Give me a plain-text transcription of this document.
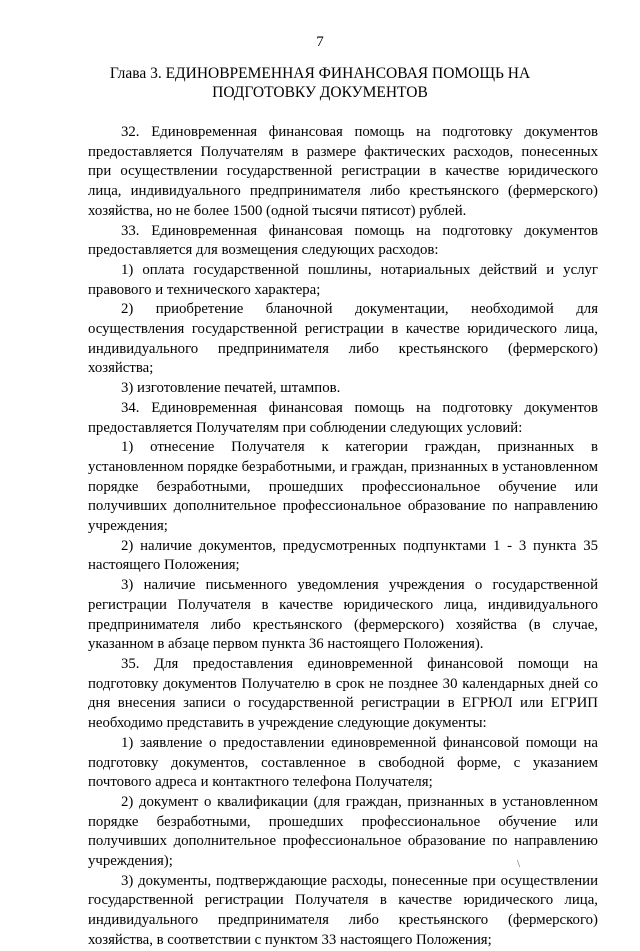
7
Глава 3. ЕДИНОВРЕМЕННАЯ ФИНАНСОВАЯ ПОМОЩЬ НА
ПОДГОТОВКУ ДОКУМЕНТОВ

32. Единовременная финансовая помощь на подготовку документов предоставляется Получателям в размере фактических расходов, понесенных при осуществлении государственной регистрации в качестве юридического лица, индивидуального предпринимателя либо крестьянского (фермерского) хозяйства, но не более 1500 (одной тысячи пятисот) рублей.

33. Единовременная финансовая помощь на подготовку документов предоставляется для возмещения следующих расходов:

1) оплата государственной пошлины, нотариальных действий и услуг правового и технического характера;

2) приобретение бланочной документации, необходимой для осуществления государственной регистрации в качестве юридического лица, индивидуального предпринимателя либо крестьянского (фермерского) хозяйства;

3) изготовление печатей, штампов.

34. Единовременная финансовая помощь на подготовку документов предоставляется Получателям при соблюдении следующих условий:

1) отнесение Получателя к категории граждан, признанных в установленном порядке безработными, и граждан, признанных в установленном порядке безработными, прошедших профессиональное обучение или получивших дополнительное профессиональное образование по направлению учреждения;

2) наличие документов, предусмотренных подпунктами 1 - 3 пункта 35 настоящего Положения;

3) наличие письменного уведомления учреждения о государственной регистрации Получателя в качестве юридического лица, индивидуального предпринимателя либо крестьянского (фермерского) хозяйства (в случае, указанном в абзаце первом пункта 36 настоящего Положения).

35. Для предоставления единовременной финансовой помощи на подготовку документов Получателю в срок не позднее 30 календарных дней со дня внесения записи о государственной регистрации в ЕГРЮЛ или ЕГРИП необходимо представить в учреждение следующие документы:

1) заявление о предоставлении единовременной финансовой помощи на подготовку документов, составленное в свободной форме, с указанием почтового адреса и контактного телефона Получателя;

2) документ о квалификации (для граждан, признанных в установленном порядке безработными, прошедших профессиональное обучение или получивших дополнительное профессиональное образование по направлению учреждения);

3) документы, подтверждающие расходы, понесенные при осуществлении государственной регистрации Получателя в качестве юридического лица, индивидуального предпринимателя либо крестьянского (фермерского) хозяйства, в соответствии с пунктом 33 настоящего Положения;

\
